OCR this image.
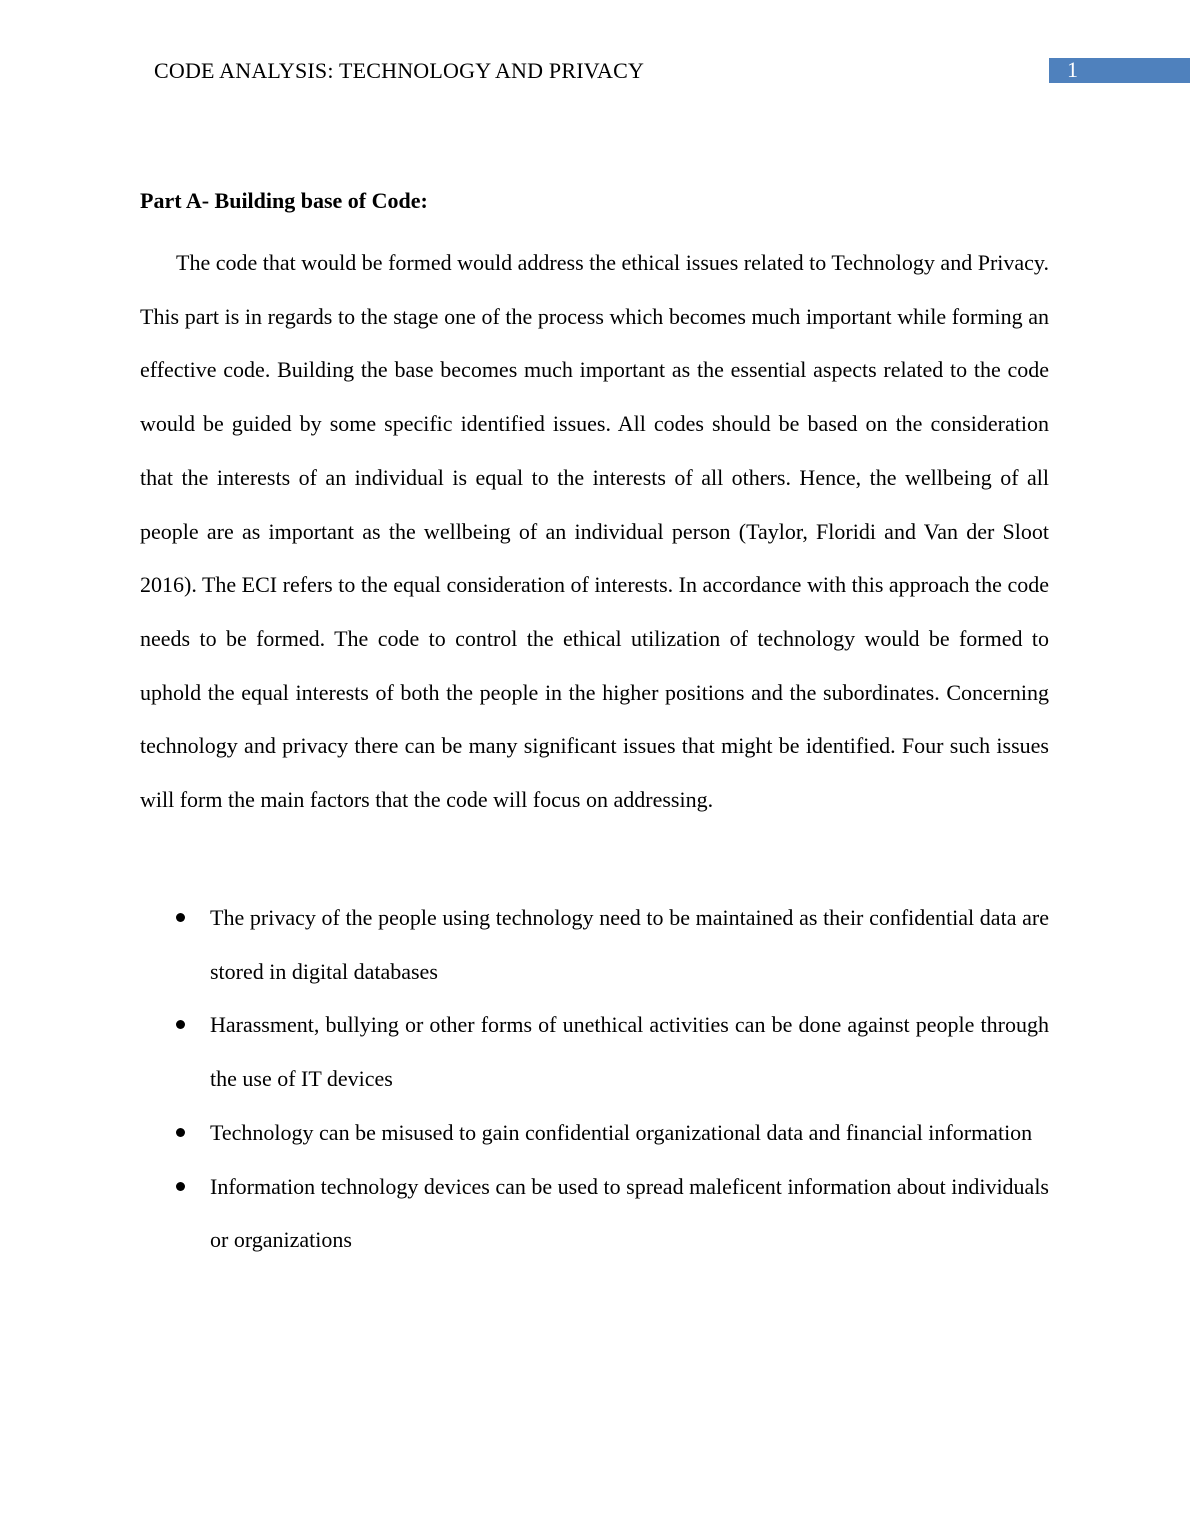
CODE ANALYSIS: TECHNOLOGY AND PRIVACY	1
Part A- Building base of Code:

The code that would be formed would address the ethical issues related to Technology and Privacy. This part is in regards to the stage one of the process which becomes much important while forming an effective code. Building the base becomes much important as the essential aspects related to the code would be guided by some specific identified issues. All codes should be based on the consideration that the interests of an individual is equal to the interests of all others. Hence, the wellbeing of all people are as important as the wellbeing of an individual person (Taylor, Floridi and Van der Sloot 2016). The ECI refers to the equal consideration of interests. In accordance with this approach the code needs to be formed. The code to control the ethical utilization of technology would be formed to uphold the equal interests of both the people in the higher positions and the subordinates. Concerning technology and privacy there can be many significant issues that might be identified. Four such issues will form the main factors that the code will focus on addressing.

The privacy of the people using technology need to be maintained as their confidential data are stored in digital databases
Harassment, bullying or other forms of unethical activities can be done against people through the use of IT devices
Technology can be misused to gain confidential organizational data and financial information
Information technology devices can be used to spread maleficent information about individuals or organizations
